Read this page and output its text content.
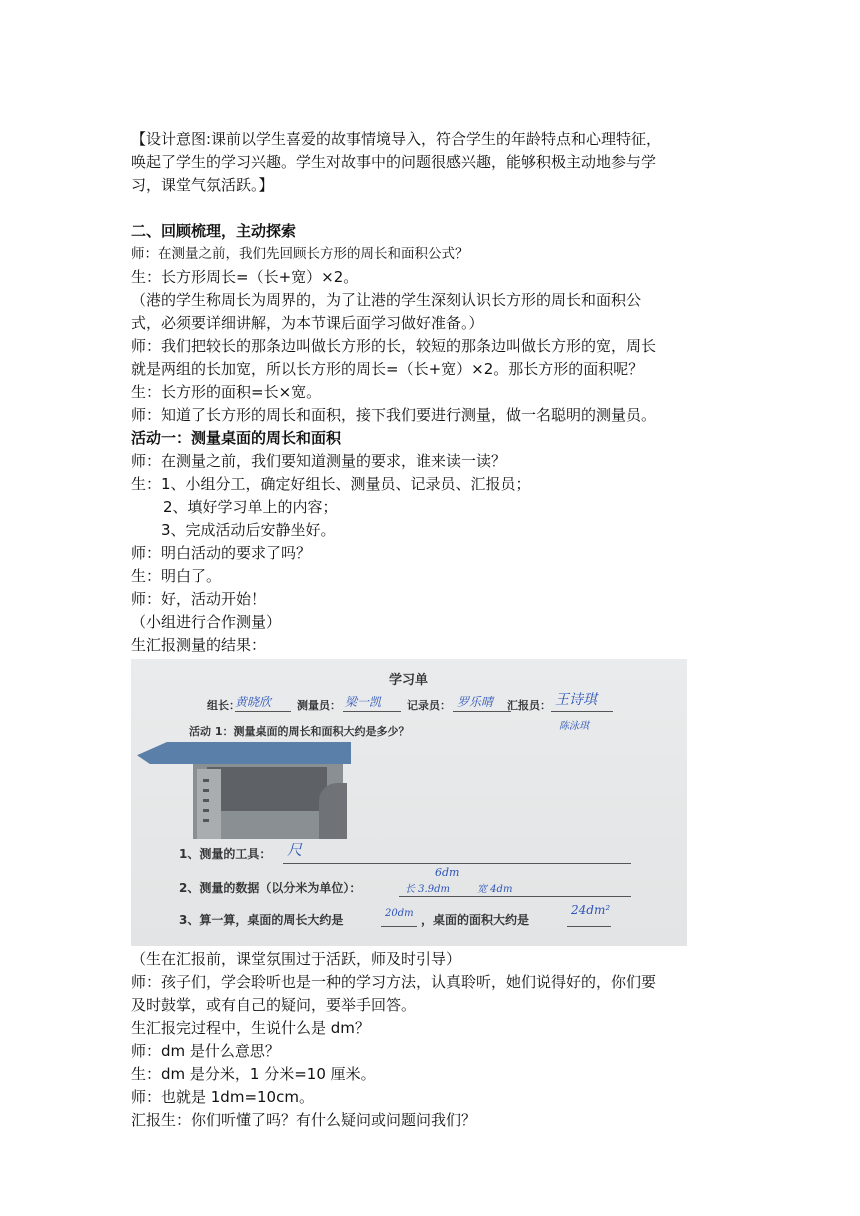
【设计意图:课前以学生喜爱的故事情境导入，符合学生的年龄特点和心理特征，
唤起了学生的学习兴趣。学生对故事中的问题很感兴趣，能够积极主动地参与学
习，课堂气氛活跃。】
二、回顾梳理，主动探索
师：在测量之前，我们先回顾长方形的周长和面积公式？
生：长方形周长=（长+宽）×2。
（港的学生称周长为周界的，为了让港的学生深刻认识长方形的周长和面积公
式，必须要详细讲解，为本节课后面学习做好准备。）
师：我们把较长的那条边叫做长方形的长，较短的那条边叫做长方形的宽，周长
就是两组的长加宽，所以长方形的周长=（长+宽）×2。那长方形的面积呢？
生：长方形的面积=长×宽。
师：知道了长方形的周长和面积，接下我们要进行测量，做一名聪明的测量员。
活动一：测量桌面的周长和面积
师：在测量之前，我们要知道测量的要求，谁来读一读？
生：1、小组分工，确定好组长、测量员、记录员、汇报员；
2、填好学习单上的内容；
3、完成活动后安静坐好。
师：明白活动的要求了吗？
生：明白了。
师：好，活动开始！
（小组进行合作测量）
生汇报测量的结果：
学习单
组长：
黄晓欣 测量员： 梁一凯 记录员： 罗乐晴 汇报员： 王诗琪
陈泳琪
活动 1：测量桌面的周长和面积大约是多少？
1、测量的工具： 尺
6dm
2、测量的数据（以分米为单位）：	长 3.9dm	宽 4dm
3、算一算，桌面的周长大约是	20dm ，桌面的面积大约是
24dm²
（生在汇报前，课堂氛围过于活跃，师及时引导）
师：孩子们，学会聆听也是一种的学习方法，认真聆听，她们说得好的，你们要
及时鼓掌，或有自己的疑问，要举手回答。
生汇报完过程中，生说什么是 dm？
师：dm 是什么意思？
生：dm 是分米，1 分米=10 厘米。
师：也就是 1dm=10cm。
汇报生：你们听懂了吗？有什么疑问或问题问我们？
